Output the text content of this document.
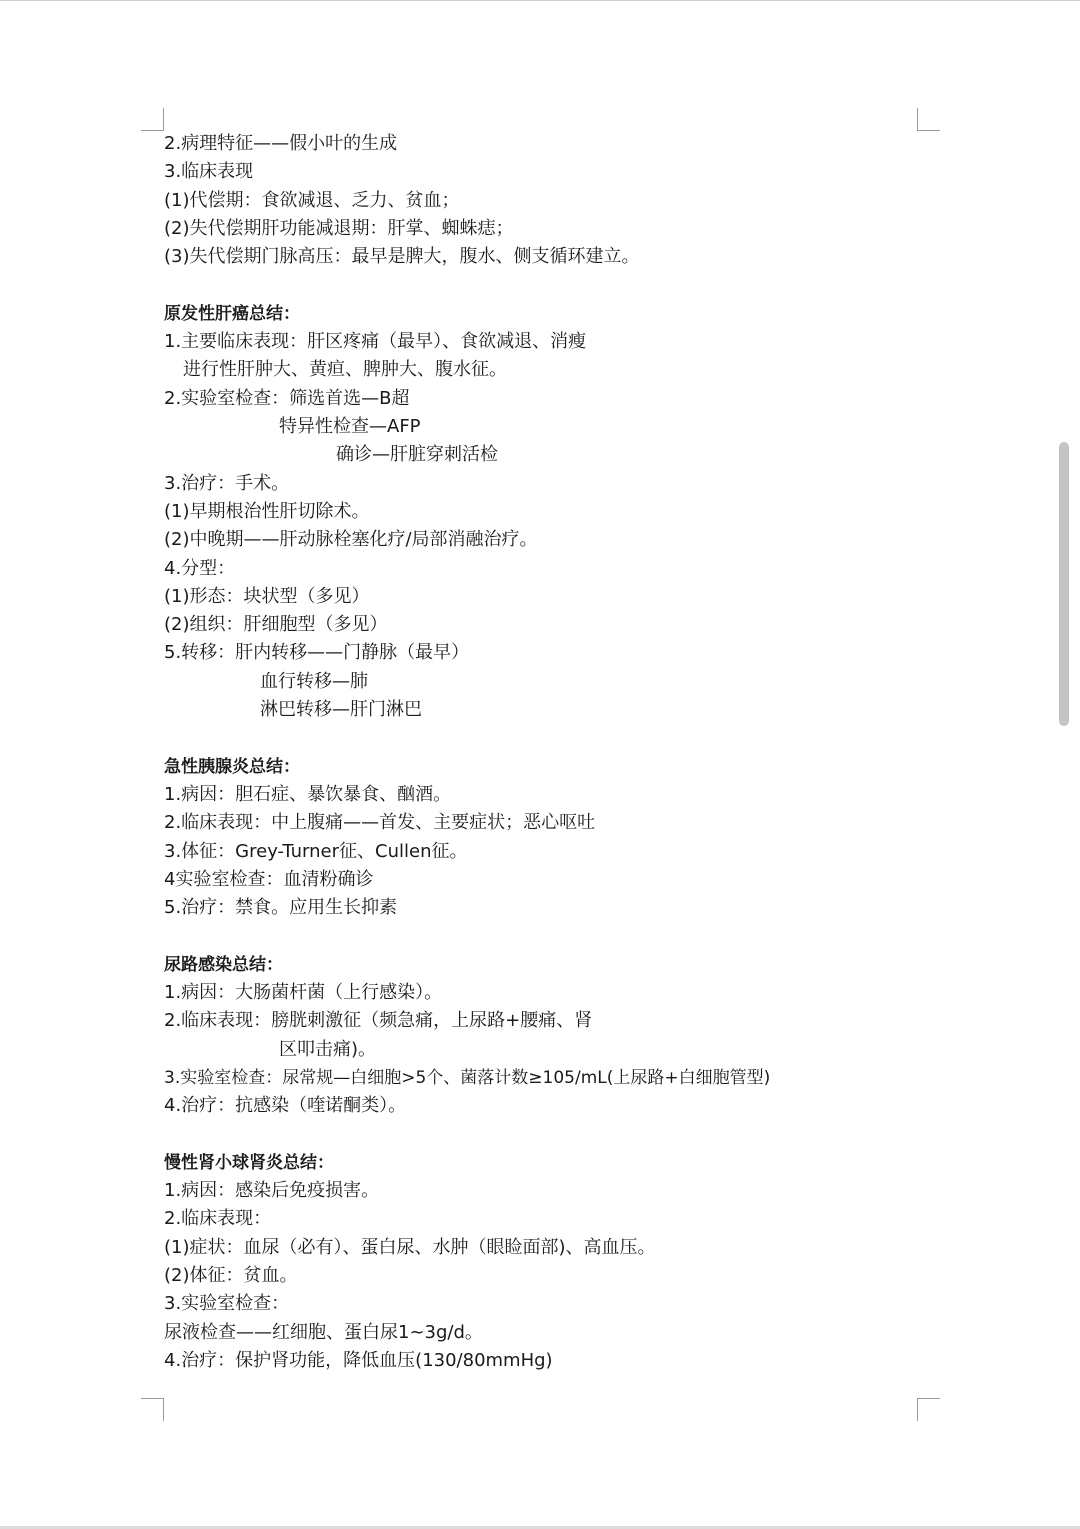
2.病理特征——假小叶的生成
3.临床表现
(1)代偿期：食欲减退、乏力、贫血；
(2)失代偿期肝功能减退期：肝掌、蜘蛛痣；
(3)失代偿期门脉高压：最早是脾大，腹水、侧支循环建立。
原发性肝癌总结：
1.主要临床表现：肝区疼痛（最早）、食欲减退、消瘦
进行性肝肿大、黄疸、脾肿大、腹水征。
2.实验室检查：筛选首选—B超
特异性检查—AFP
确诊—肝脏穿刺活检
3.治疗：手术。
(1)早期根治性肝切除术。
(2)中晚期——肝动脉栓塞化疗/局部消融治疗。
4.分型：
(1)形态：块状型（多见）
(2)组织：肝细胞型（多见）
5.转移：肝内转移——门静脉（最早）
血行转移—肺
淋巴转移—肝门淋巴
急性胰腺炎总结：
1.病因：胆石症、暴饮暴食、酗酒。
2.临床表现：中上腹痛——首发、主要症状；恶心呕吐
3.体征：Grey-Turner征、Cullen征。
4实验室检查：血清粉确诊
5.治疗：禁食。应用生长抑素
尿路感染总结：
1.病因：大肠菌杆菌（上行感染）。
2.临床表现：膀胱刺激征（频急痛，上尿路+腰痛、肾
区叩击痛)。
3.实验室检查：尿常规—白细胞>5个、菌落计数≥105/mL(上尿路+白细胞管型)
4.治疗：抗感染（喹诺酮类）。
慢性肾小球肾炎总结：
1.病因：感染后免疫损害。
2.临床表现：
(1)症状：血尿（必有）、蛋白尿、水肿（眼睑面部)、高血压。
(2)体征：贫血。
3.实验室检查：
尿液检查——红细胞、蛋白尿1~3g/d。
4.治疗：保护肾功能，降低血压(130/80mmHg)
